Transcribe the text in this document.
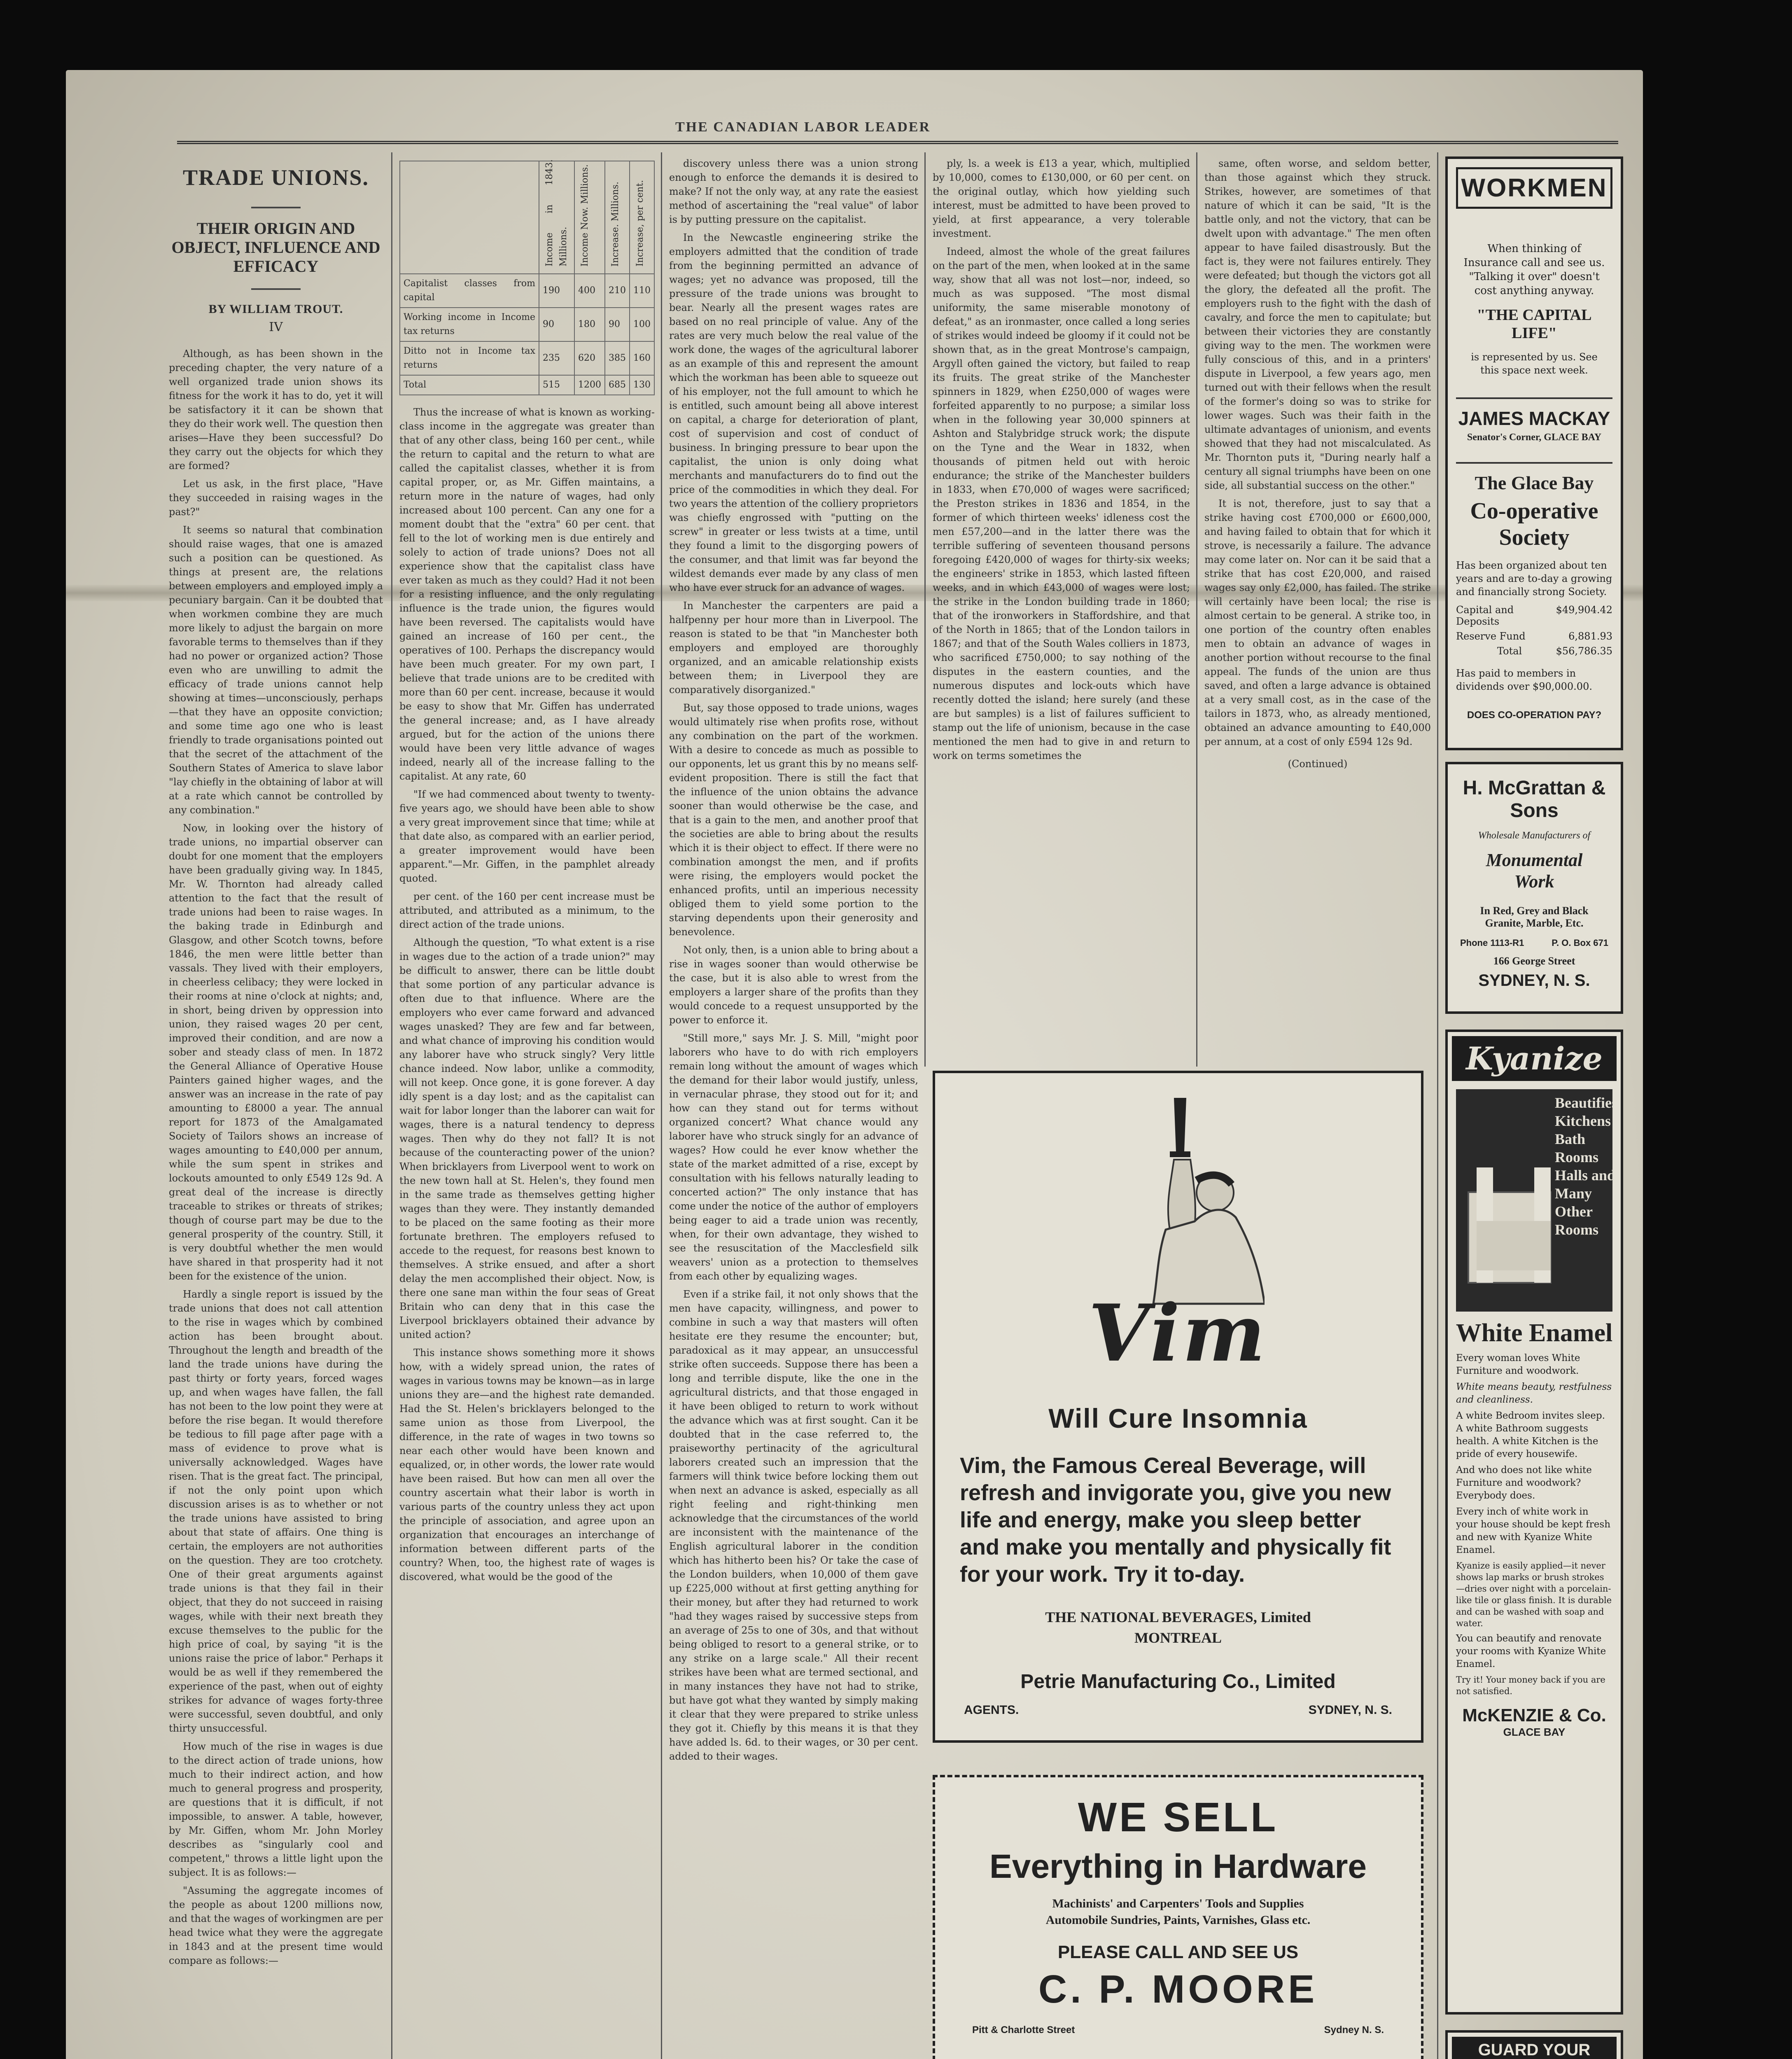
THE CANADIAN LABOR LEADER
TRADE UNIONS.
THEIR ORIGIN AND OBJECT, INFLUENCE AND EFFICACY
BY WILLIAM TROUT.
IV

Although, as has been shown in the preceding chapter, the very nature of a well organized trade union shows its fitness for the work it has to do, yet it will be satisfactory it it can be shown that they do their work well. The question then arises—Have they been successful? Do they carry out the objects for which they are formed?

Let us ask, in the first place, "Have they succeeded in raising wages in the past?"

It seems so natural that combination should raise wages, that one is amazed such a position can be questioned. As things at present are, the relations between employers and employed imply a pecuniary bargain. Can it be doubted that when workmen combine they are much more likely to adjust the bargain on more favorable terms to themselves than if they had no power or organized action? Those even who are unwilling to admit the efficacy of trade unions cannot help showing at times—unconsciously, perhaps—that they have an opposite conviction; and some time ago one who is least friendly to trade organisations pointed out that the secret of the attachment of the Southern States of America to slave labor "lay chiefly in the obtaining of labor at will at a rate which cannot be controlled by any combination."

Now, in looking over the history of trade unions, no impartial observer can doubt for one moment that the employers have been gradually giving way. In 1845, Mr. W. Thornton had already called attention to the fact that the result of trade unions had been to raise wages. In the baking trade in Edinburgh and Glasgow, and other Scotch towns, before 1846, the men were little better than vassals. They lived with their employers, in cheerless celibacy; they were locked in their rooms at nine o'clock at nights; and, in short, being driven by oppression into union, they raised wages 20 per cent, improved their condition, and are now a sober and steady class of men. In 1872 the General Alliance of Operative House Painters gained higher wages, and the answer was an increase in the rate of pay amounting to £8000 a year. The annual report for 1873 of the Amalgamated Society of Tailors shows an increase of wages amounting to £40,000 per annum, while the sum spent in strikes and lockouts amounted to only £549 12s 9d. A great deal of the increase is directly traceable to strikes or threats of strikes; though of course part may be due to the general prosperity of the country. Still, it is very doubtful whether the men would have shared in that prosperity had it not been for the existence of the union.

Hardly a single report is issued by the trade unions that does not call attention to the rise in wages which by combined action has been brought about. Throughout the length and breadth of the land the trade unions have during the past thirty or forty years, forced wages up, and when wages have fallen, the fall has not been to the low point they were at before the rise began. It would therefore be tedious to fill page after page with a mass of evidence to prove what is universally acknowledged. Wages have risen. That is the great fact. The principal, if not the only point upon which discussion arises is as to whether or not the trade unions have assisted to bring about that state of affairs. One thing is certain, the employers are not authorities on the question. They are too crotchety. One of their great arguments against trade unions is that they fail in their object, that they do not succeed in raising wages, while with their next breath they excuse themselves to the public for the high price of coal, by saying "it is the unions raise the price of labor." Perhaps it would be as well if they remembered the experience of the past, when out of eighty strikes for advance of wages forty-three were successful, seven doubtful, and only thirty unsuccessful.

How much of the rise in wages is due to the direct action of trade unions, how much to their indirect action, and how much to general progress and prosperity, are questions that it is difficult, if not impossible, to answer. A table, however, by Mr. Giffen, whom Mr. John Morley describes as "singularly cool and competent," throws a little light upon the subject. It is as follows:—

"Assuming the aggregate incomes of the people as about 1200 millions now, and that the wages of workingmen are per head twice what they were the aggregate in 1843 and at the present time would compare as follows:—

	Income in 1843. Millions.	Income Now. Millions.	Increase. Millions.	Increase, per cent.
Capitalist classes from capital	190	400	210	110
Working income in Income tax returns	90	180	90	100
Ditto not in Income tax returns	235	620	385	160
Total	515	1200	685	130

Thus the increase of what is known as working-class income in the aggregate was greater than that of any other class, being 160 per cent., while the return to capital and the return to what are called the capitalist classes, whether it is from capital proper, or, as Mr. Giffen maintains, a return more in the nature of wages, had only increased about 100 percent. Can any one for a moment doubt that the "extra" 60 per cent. that fell to the lot of working men is due entirely and solely to action of trade unions? Does not all experience show that the capitalist class have ever taken as much as they could? Had it not been for a resisting influence, and the only regulating influence is the trade union, the figures would have been reversed. The capitalists would have gained an increase of 160 per cent., the operatives of 100. Perhaps the discrepancy would have been much greater. For my own part, I believe that trade unions are to be credited with more than 60 per cent. increase, because it would be easy to show that Mr. Giffen has underrated the general increase; and, as I have already argued, but for the action of the unions there would have been very little advance of wages indeed, nearly all of the increase falling to the capitalist. At any rate, 60

"If we had commenced about twenty to twenty-five years ago, we should have been able to show a very great improvement since that time; while at that date also, as compared with an earlier period, a greater improvement would have been apparent."—Mr. Giffen, in the pamphlet already quoted.

per cent. of the 160 per cent increase must be attributed, and attributed as a minimum, to the direct action of the trade unions.

Although the question, "To what extent is a rise in wages due to the action of a trade union?" may be difficult to answer, there can be little doubt that some portion of any particular advance is often due to that influence. Where are the employers who ever came forward and advanced wages unasked? They are few and far between, and what chance of improving his condition would any laborer have who struck singly? Very little chance indeed. Now labor, unlike a commodity, will not keep. Once gone, it is gone forever. A day idly spent is a day lost; and as the capitalist can wait for labor longer than the laborer can wait for wages, there is a natural tendency to depress wages. Then why do they not fall? It is not because of the counteracting power of the union? When bricklayers from Liverpool went to work on the new town hall at St. Helen's, they found men in the same trade as themselves getting higher wages than they were. They instantly demanded to be placed on the same footing as their more fortunate brethren. The employers refused to accede to the request, for reasons best known to themselves. A strike ensued, and after a short delay the men accomplished their object. Now, is there one sane man within the four seas of Great Britain who can deny that in this case the Liverpool bricklayers obtained their advance by united action?

This instance shows something more it shows how, with a widely spread union, the rates of wages in various towns may be known—as in large unions they are—and the highest rate demanded. Had the St. Helen's bricklayers belonged to the same union as those from Liverpool, the difference, in the rate of wages in two towns so near each other would have been known and equalized, or, in other words, the lower rate would have been raised. But how can men all over the country ascertain what their labor is worth in various parts of the country unless they act upon the principle of association, and agree upon an organization that encourages an interchange of information between different parts of the country? When, too, the highest rate of wages is discovered, what would be the good of the

discovery unless there was a union strong enough to enforce the demands it is desired to make? If not the only way, at any rate the easiest method of ascertaining the "real value" of labor is by putting pressure on the capitalist.

In the Newcastle engineering strike the employers admitted that the condition of trade from the beginning permitted an advance of wages; yet no advance was proposed, till the pressure of the trade unions was brought to bear. Nearly all the present wages rates are based on no real principle of value. Any of the rates are very much below the real value of the work done, the wages of the agricultural laborer as an example of this and represent the amount which the workman has been able to squeeze out of his employer, not the full amount to which he is entitled, such amount being all above interest on capital, a charge for deterioration of plant, cost of supervision and cost of conduct of business. In bringing pressure to bear upon the capitalist, the union is only doing what merchants and manufacturers do to find out the price of the commodities in which they deal. For two years the attention of the colliery proprietors was chiefly engrossed with "putting on the screw" in greater or less twists at a time, until they found a limit to the disgorging powers of the consumer, and that limit was far beyond the wildest demands ever made by any class of men who have ever struck for an advance of wages.

In Manchester the carpenters are paid a halfpenny per hour more than in Liverpool. The reason is stated to be that "in Manchester both employers and employed are thoroughly organized, and an amicable relationship exists between them; in Liverpool they are comparatively disorganized."

But, say those opposed to trade unions, wages would ultimately rise when profits rose, without any combination on the part of the workmen. With a desire to concede as much as possible to our opponents, let us grant this by no means self-evident proposition. There is still the fact that the influence of the union obtains the advance sooner than would otherwise be the case, and that is a gain to the men, and another proof that the societies are able to bring about the results which it is their object to effect. If there were no combination amongst the men, and if profits were rising, the employers would pocket the enhanced profits, until an imperious necessity obliged them to yield some portion to the starving dependents upon their generosity and benevolence.

Not only, then, is a union able to bring about a rise in wages sooner than would otherwise be the case, but it is also able to wrest from the employers a larger share of the profits than they would concede to a request unsupported by the power to enforce it.

"Still more," says Mr. J. S. Mill, "might poor laborers who have to do with rich employers remain long without the amount of wages which the demand for their labor would justify, unless, in vernacular phrase, they stood out for it; and how can they stand out for terms without organized concert? What chance would any laborer have who struck singly for an advance of wages? How could he ever know whether the state of the market admitted of a rise, except by consultation with his fellows naturally leading to concerted action?" The only instance that has come under the notice of the author of employers being eager to aid a trade union was recently, when, for their own advantage, they wished to see the resuscitation of the Macclesfield silk weavers' union as a protection to themselves from each other by equalizing wages.

Even if a strike fail, it not only shows that the men have capacity, willingness, and power to combine in such a way that masters will often hesitate ere they resume the encounter; but, paradoxical as it may appear, an unsuccessful strike often succeeds. Suppose there has been a long and terrible dispute, like the one in the agricultural districts, and that those engaged in it have been obliged to return to work without the advance which was at first sought. Can it be doubted that in the case referred to, the praiseworthy pertinacity of the agricultural laborers created such an impression that the farmers will think twice before locking them out when next an advance is asked, especially as all right feeling and right-thinking men acknowledge that the circumstances of the world are inconsistent with the maintenance of the English agricultural laborer in the condition which has hitherto been his? Or take the case of the London builders, when 10,000 of them gave up £225,000 without at first getting anything for their money, but after they had returned to work "had they wages raised by successive steps from an average of 25s to one of 30s, and that without being obliged to resort to a general strike, or to any strike on a large scale." All their recent strikes have been what are termed sectional, and in many instances they have not had to strike, but have got what they wanted by simply making it clear that they were prepared to strike unless they got it. Chiefly by this means it is that they have added ls. 6d. to their wages, or 30 per cent. added to their wages.

ply, ls. a week is £13 a year, which, multiplied by 10,000, comes to £130,000, or 60 per cent. on the original outlay, which how yielding such interest, must be admitted to have been proved to yield, at first appearance, a very tolerable investment.

Indeed, almost the whole of the great failures on the part of the men, when looked at in the same way, show that all was not lost—nor, indeed, so much as was supposed. "The most dismal uniformity, the same miserable monotony of defeat," as an ironmaster, once called a long series of strikes would indeed be gloomy if it could not be shown that, as in the great Montrose's campaign, Argyll often gained the victory, but failed to reap its fruits. The great strike of the Manchester spinners in 1829, when £250,000 of wages were forfeited apparently to no purpose; a similar loss when in the following year 30,000 spinners at Ashton and Stalybridge struck work; the dispute on the Tyne and the Wear in 1832, when thousands of pitmen held out with heroic endurance; the strike of the Manchester builders in 1833, when £70,000 of wages were sacrificed; the Preston strikes in 1836 and 1854, in the former of which thirteen weeks' idleness cost the men £57,200—and in the latter there was the terrible suffering of seventeen thousand persons foregoing £420,000 of wages for thirty-six weeks; the engineers' strike in 1853, which lasted fifteen weeks, and in which £43,000 of wages were lost; the strike in the London building trade in 1860; that of the ironworkers in Staffordshire, and that of the North in 1865; that of the London tailors in 1867; and that of the South Wales colliers in 1873, who sacrificed £750,000; to say nothing of the disputes in the eastern counties, and the numerous disputes and lock-outs which have recently dotted the island; here surely (and these are but samples) is a list of failures sufficient to stamp out the life of unionism, because in the case mentioned the men had to give in and return to work on terms sometimes the

same, often worse, and seldom better, than those against which they struck. Strikes, however, are sometimes of that nature of which it can be said, "It is the battle only, and not the victory, that can be dwelt upon with advantage." The men often appear to have failed disastrously. But the fact is, they were not failures entirely. They were defeated; but though the victors got all the glory, the defeated all the profit. The employers rush to the fight with the dash of cavalry, and force the men to capitulate; but between their victories they are constantly giving way to the men. The workmen were fully conscious of this, and in a printers' dispute in Liverpool, a few years ago, men turned out with their fellows when the result of the former's doing so was to strike for lower wages. Such was their faith in the ultimate advantages of unionism, and events showed that they had not miscalculated. As Mr. Thornton puts it, "During nearly half a century all signal triumphs have been on one side, all substantial success on the other."

It is not, therefore, just to say that a strike having cost £700,000 or £600,000, and having failed to obtain that for which it strove, is necessarily a failure. The advance may come later on. Nor can it be said that a strike that has cost £20,000, and raised wages say only £2,000, has failed. The strike will certainly have been local; the rise is almost certain to be general. A strike too, in one portion of the country often enables men to obtain an advance of wages in another portion without recourse to the final appeal. The funds of the union are thus saved, and often a large advance is obtained at a very small cost, as in the case of the tailors in 1873, who, as already mentioned, obtained an advance amounting to £40,000 per annum, at a cost of only £594 12s 9d.

(Continued)
Vim
Will Cure Insomnia
Vim, the Famous Cereal Beverage, will refresh and invigorate you, give you new life and energy, make you sleep better and make you mentally and physically fit for your work. Try it to-day.
THE NATIONAL BEVERAGES, Limited
MONTREAL
Petrie Manufacturing Co., Limited
AGENTS.	SYDNEY, N. S.
WE SELL
Everything in Hardware
Machinists' and Carpenters' Tools and Supplies
Automobile Sundries, Paints, Varnishes, Glass etc.
PLEASE CALL AND SEE US
C. P. MOORE
Pitt & Charlotte Street	Sydney N. S.
WORKMEN
When thinking of Insurance call and see us. "Talking it over" doesn't cost anything anyway.
"THE CAPITAL LIFE"
is represented by us. See this space next week.
JAMES MACKAY
Senator's Corner, GLACE BAY
The Glace Bay
Co-operative Society
Has been organized about ten years and are to-day a growing and financially strong Society.
Capital and Deposits
$49,904.42
Reserve Fund	6,881.93
Total	$56,786.35
Has paid to members in dividends over $90,000.00.
DOES CO-OPERATION PAY?
H. McGrattan & Sons
Wholesale Manufacturers of
Monumental Work
In Red, Grey and Black Granite, Marble, Etc.
Phone 1113-R1	P. O. Box 671
166 George Street
SYDNEY, N. S.
Kyanize
Beautifies Kitchens Bath Rooms Halls and Many Other Rooms
White Enamel
Every woman loves White Furniture and woodwork.
White means beauty, restfulness and cleanliness.
A white Bedroom invites sleep. A white Bathroom suggests health. A white Kitchen is the pride of every housewife.
And who does not like white Furniture and woodwork? Everybody does.
Every inch of white work in your house should be kept fresh and new with Kyanize White Enamel.
Kyanize is easily applied—it never shows lap marks or brush strokes—dries over night with a porcelain-like tile or glass finish. It is durable and can be washed with soap and water.
You can beautify and renovate your rooms with Kyanize White Enamel.
Try it! Your money back if you are not satisfied.
McKENZIE & Co.
GLACE BAY
GUARD YOUR
